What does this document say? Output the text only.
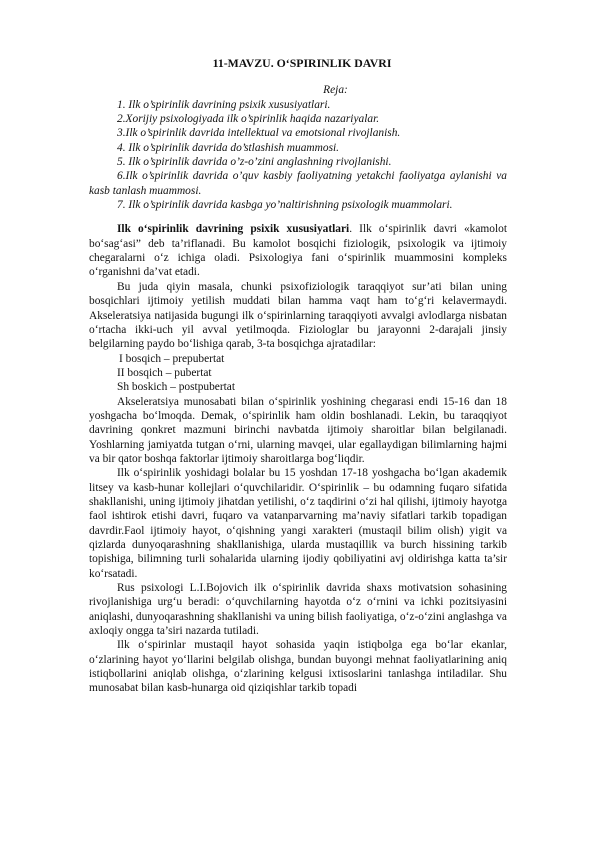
11-MAVZU. O‘SPIRINLIK DAVRI
Reja:

1. Ilk o’spirinlik davrining psixik xususiyatlari.

2.Xorijiy psixologiyada ilk o’spirinlik haqida nazariyalar.

3.Ilk o’spirinlik davrida intellektual va emotsional rivojlanish.

4. Ilk o’spirinlik davrida do’stlashish muammosi.

5. Ilk o’spirinlik davrida o’z-o’zini anglashning rivojlanishi.

6.Ilk o’spirinlik davrida o’quv kasbiy faoliyatning yetakchi faoliyatga aylanishi va kasb tanlash muammosi.

7. Ilk o’spirinlik davrida kasbga yo’naltirishning psixologik muammolari.

Ilk o‘spirinlik davrining psixik xususiyatlari. Ilk o‘spirinlik davri «kamolot bo‘sag‘asi” deb ta’riflanadi. Bu kamolot bosqichi fiziologik, psixologik va ijtimoiy chegaralarni o‘z ichiga oladi. Psixologiya fani o‘spirinlik muammosini kompleks o‘rganishni da’vat etadi.

Bu juda qiyin masala, chunki psixofiziologik taraqqiyot sur’ati bilan uning bosqichlari ijtimoiy yetilish muddati bilan hamma vaqt ham to‘g‘ri kelavermaydi. Akseleratsiya natijasida bugungi ilk o‘spirinlarning taraqqiyoti avvalgi avlodlarga nisbatan o‘rtacha ikki-uch yil avval yetilmoqda. Fiziologlar bu jarayonni 2-darajali jinsiy belgilarning paydo bo‘lishiga qarab, 3-ta bosqichga ajratadilar:

I bosqich – prepubertat
II bosqich – pubertat
Sh boskich – postpubertat

Akseleratsiya munosabati bilan o‘spirinlik yoshining chegarasi endi 15-16 dan 18 yoshgacha bo‘lmoqda. Demak, o‘spirinlik ham oldin boshlanadi. Lekin, bu taraqqiyot davrining qonkret mazmuni birinchi navbatda ijtimoiy sharoitlar bilan belgilanadi. Yoshlarning jamiyatda tutgan o‘rni, ularning mavqei, ular egallaydigan bilimlarning hajmi va bir qator boshqa faktorlar ijtimoiy sharoitlarga bog‘liqdir.

Ilk o‘spirinlik yoshidagi bolalar bu 15 yoshdan 17-18 yoshgacha bo‘lgan akademik litsey va kasb-hunar kollejlari o‘quvchilaridir. O‘spirinlik – bu odamning fuqaro sifatida shakllanishi, uning ijtimoiy jihatdan yetilishi, o‘z taqdirini o‘zi hal qilishi, ijtimoiy hayotga faol ishtirok etishi davri, fuqaro va vatanparvarning ma’naviy sifatlari tarkib topadigan davrdir.Faol ijtimoiy hayot, o‘qishning yangi xarakteri (mustaqil bilim olish) yigit va qizlarda dunyoqarashning shakllanishiga, ularda mustaqillik va burch hissining tarkib topishiga, bilimning turli sohalarida ularning ijodiy qobiliyatini avj oldirishga katta ta’sir ko‘rsatadi.

Rus psixologi L.I.Bojovich ilk o‘spirinlik davrida shaxs motivatsion sohasining rivojlanishiga urg‘u beradi: o‘quvchilarning hayotda o‘z o‘rnini va ichki pozitsiyasini aniqlashi, dunyoqarashning shakllanishi va uning bilish faoliyatiga, o‘z-o‘zini anglashga va axloqiy ongga ta’siri nazarda tutiladi.

Ilk o‘spirinlar mustaqil hayot sohasida yaqin istiqbolga ega bo‘lar ekanlar, o‘zlarining hayot yo‘llarini belgilab olishga, bundan buyongi mehnat faoliyatlarining aniq istiqbollarini aniqlab olishga, o‘zlarining kelgusi ixtisoslarini tanlashga intiladilar. Shu munosabat bilan kasb-hunarga oid qiziqishlar tarkib topadi
